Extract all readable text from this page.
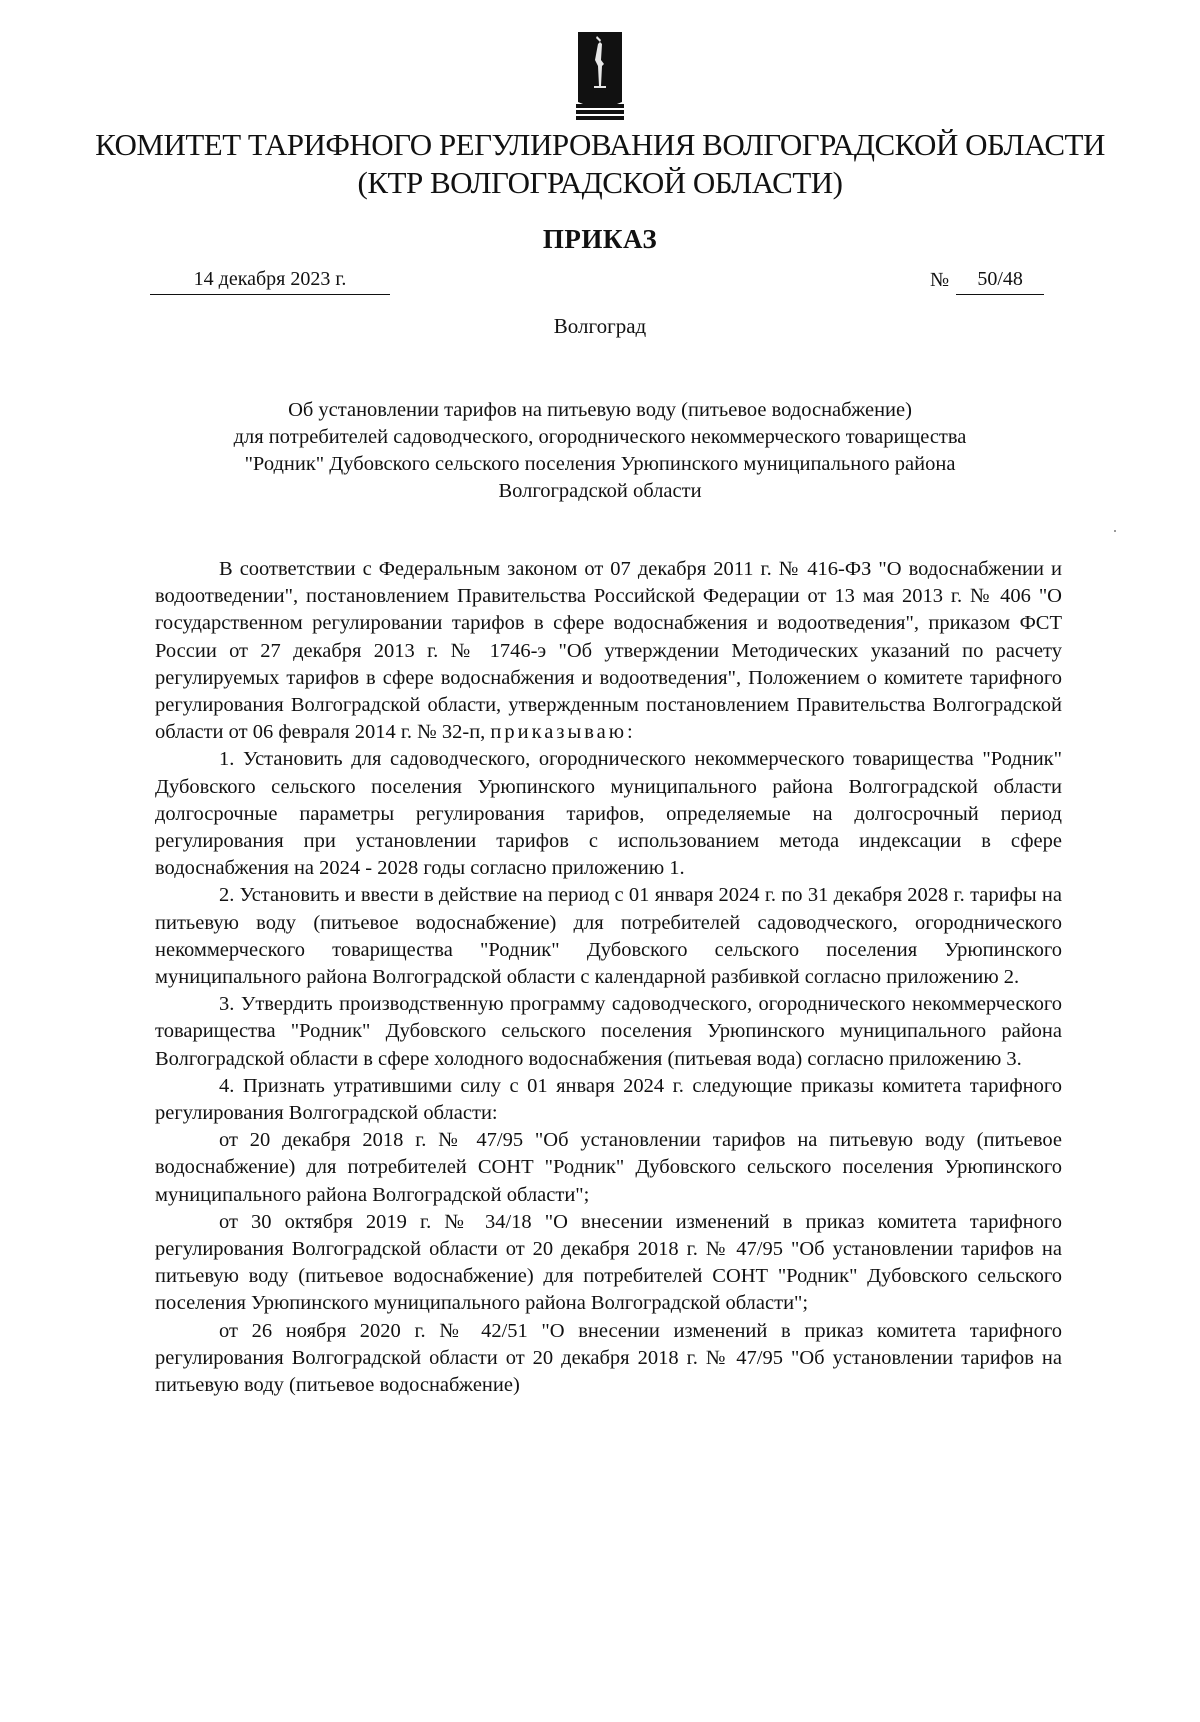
КОМИТЕТ ТАРИФНОГО РЕГУЛИРОВАНИЯ ВОЛГОГРАДСКОЙ ОБЛАСТИ
(КТР ВОЛГОГРАДСКОЙ ОБЛАСТИ)
ПРИКАЗ
14 декабря 2023 г.	№ 50/48
Волгоград
Об установлении тарифов на питьевую воду (питьевое водоснабжение)
для потребителей садоводческого, огороднического некоммерческого товарищества
"Родник" Дубовского сельского поселения Урюпинского муниципального района
Волгоградской области

В соответствии с Федеральным законом от 07 декабря 2011 г. № 416-ФЗ "О водоснабжении и водоотведении", постановлением Правительства Российской Федерации от 13 мая 2013 г. № 406 "О государственном регулировании тарифов в сфере водоснабжения и водоотведения", приказом ФСТ России от 27 декабря 2013 г. № 1746-э "Об утверждении Методических указаний по расчету регулируемых тарифов в сфере водоснабжения и водоотведения", Положением о комитете тарифного регулирования Волгоградской области, утвержденным постановлением Правительства Волгоградской области от 06 февраля 2014 г. № 32-п, приказываю:

1. Установить для садоводческого, огороднического некоммерческого товарищества "Родник" Дубовского сельского поселения Урюпинского муниципального района Волгоградской области долгосрочные параметры регулирования тарифов, определяемые на долгосрочный период регулирования при установлении тарифов с использованием метода индексации в сфере водоснабжения на 2024 - 2028 годы согласно приложению 1.

2. Установить и ввести в действие на период с 01 января 2024 г. по 31 декабря 2028 г. тарифы на питьевую воду (питьевое водоснабжение) для потребителей садоводческого, огороднического некоммерческого товарищества "Родник" Дубовского сельского поселения Урюпинского муниципального района Волгоградской области с календарной разбивкой согласно приложению 2.

3. Утвердить производственную программу садоводческого, огороднического некоммерческого товарищества "Родник" Дубовского сельского поселения Урюпинского муниципального района Волгоградской области в сфере холодного водоснабжения (питьевая вода) согласно приложению 3.

4. Признать утратившими силу с 01 января 2024 г. следующие приказы комитета тарифного регулирования Волгоградской области:

от 20 декабря 2018 г. № 47/95 "Об установлении тарифов на питьевую воду (питьевое водоснабжение) для потребителей СОНТ "Родник" Дубовского сельского поселения Урюпинского муниципального района Волгоградской области";

от 30 октября 2019 г. № 34/18 "О внесении изменений в приказ комитета тарифного регулирования Волгоградской области от 20 декабря 2018 г. № 47/95 "Об установлении тарифов на питьевую воду (питьевое водоснабжение) для потребителей СОНТ "Родник" Дубовского сельского поселения Урюпинского муниципального района Волгоградской области";

от 26 ноября 2020 г. № 42/51 "О внесении изменений в приказ комитета тарифного регулирования Волгоградской области от 20 декабря 2018 г. № 47/95 "Об установлении тарифов на питьевую воду (питьевое водоснабжение)
